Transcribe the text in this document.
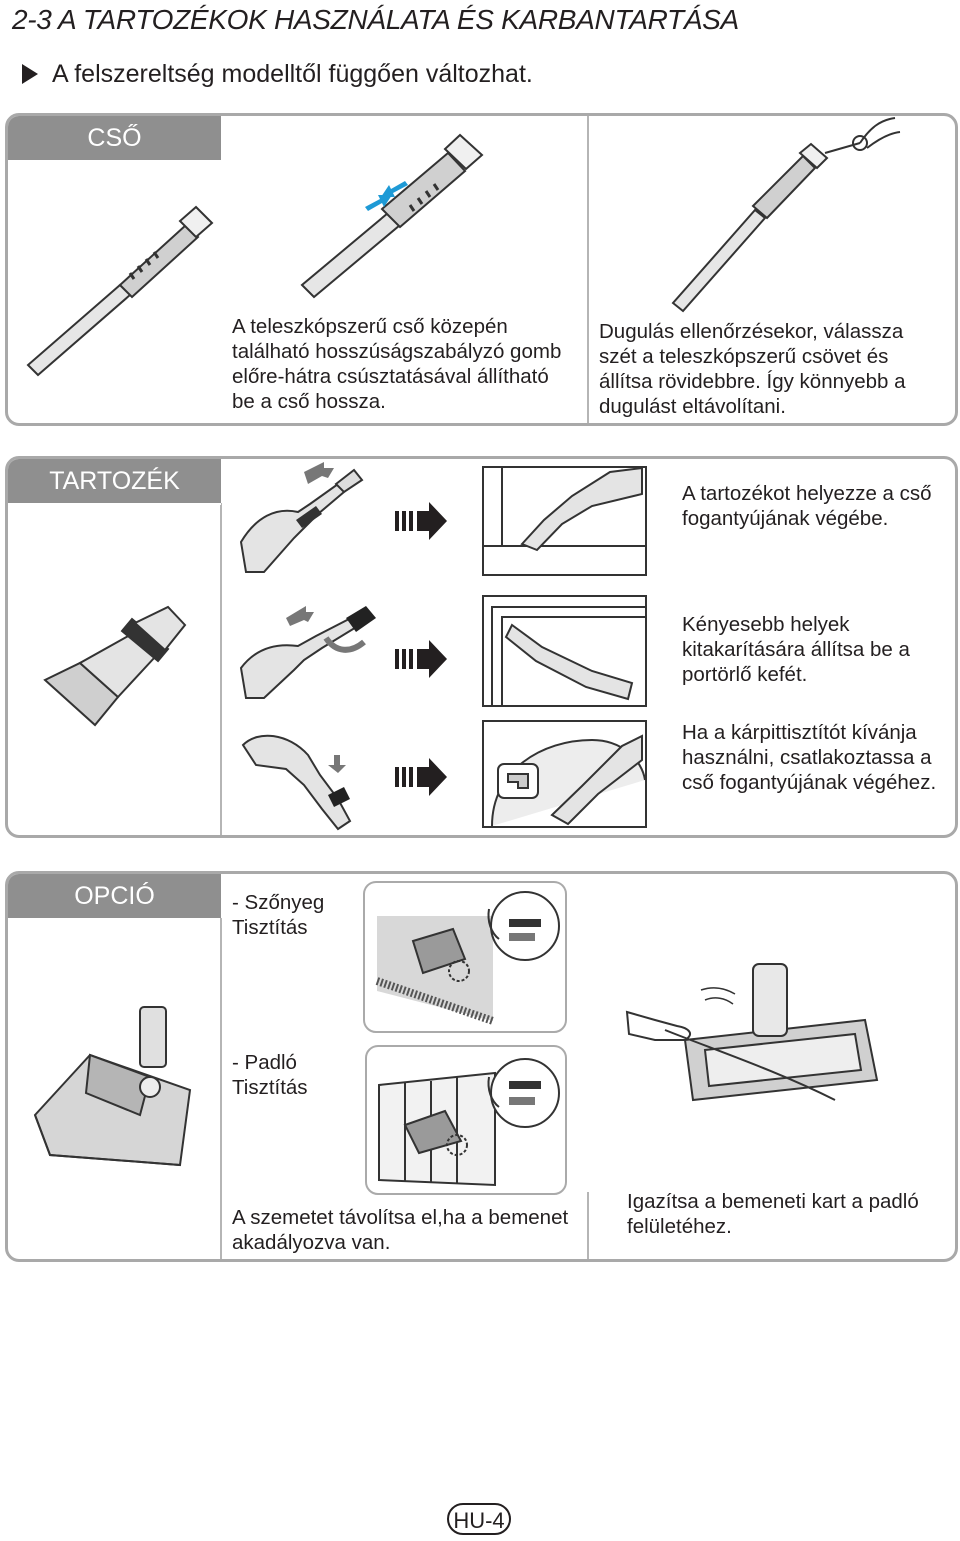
2-3 A TARTOZÉKOK HASZNÁLATA ÉS KARBANTARTÁSA
A felszereltség modelltől függően változhat.
CSŐ
A teleszkópszerű cső közepén található hosszúságszabályzó gomb előre-hátra csúsztatásával állítható be a cső hossza.
Dugulás ellenőrzésekor, válassza szét a teleszkópszerű csövet és állítsa rövidebbre. Így könnyebb a dugulást eltávolítani.
TARTOZÉK	A tartozékot helyezze a cső fogantyújának végébe.
Kényesebb helyek kitakarítására állítsa be a portörlő kefét.
Ha a kárpittisztítót kívánja használni, csatlakoztassa a cső fogantyújának végéhez.
OPCIÓ	- Szőnyeg
Tisztítás
- Padló
Tisztítás
A szemetet távolítsa el,ha a bemenet akadályozva van.
Igazítsa a bemeneti kart a padló felületéhez.
HU-4
